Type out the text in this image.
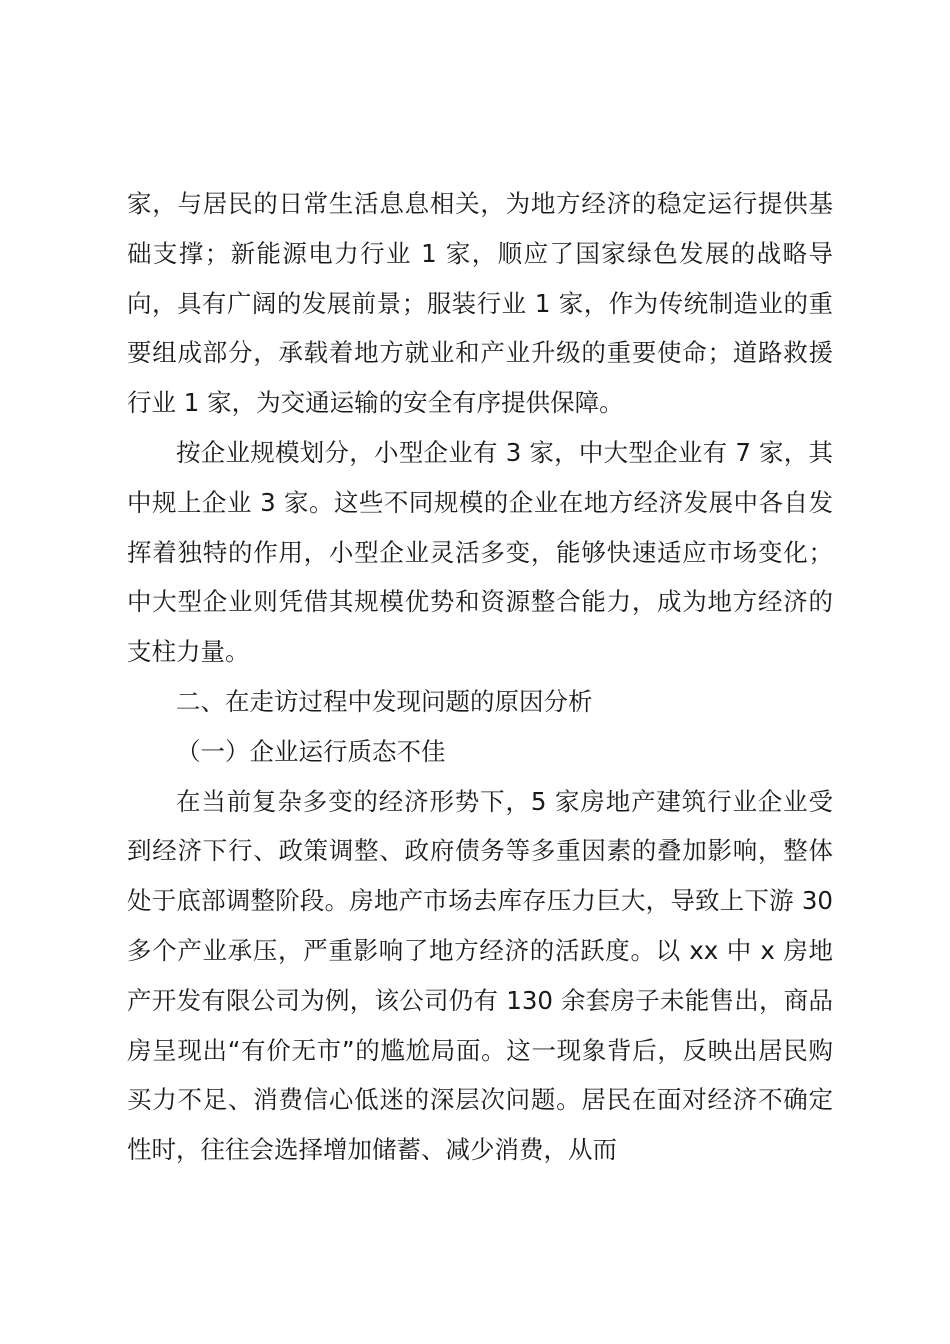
家，与居民的日常生活息息相关，为地方经济的稳定运行提供基础支撑；新能源电力行业 1 家，顺应了国家绿色发展的战略导向，具有广阔的发展前景；服装行业 1 家，作为传统制造业的重要组成部分，承载着地方就业和产业升级的重要使命；道路救援行业 1 家，为交通运输的安全有序提供保障。

按企业规模划分，小型企业有 3 家，中大型企业有 7 家，其中规上企业 3 家。这些不同规模的企业在地方经济发展中各自发挥着独特的作用，小型企业灵活多变，能够快速适应市场变化；中大型企业则凭借其规模优势和资源整合能力，成为地方经济的支柱力量。

二、在走访过程中发现问题的原因分析

（一）企业运行质态不佳

在当前复杂多变的经济形势下，5 家房地产建筑行业企业受到经济下行、政策调整、政府债务等多重因素的叠加影响，整体处于底部调整阶段。房地产市场去库存压力巨大，导致上下游 30 多个产业承压，严重影响了地方经济的活跃度。以 xx 中 x 房地产开发有限公司为例，该公司仍有 130 余套房子未能售出，商品房呈现出“有价无市”的尴尬局面。这一现象背后，反映出居民购买力不足、消费信心低迷的深层次问题。居民在面对经济不确定性时，往往会选择增加储蓄、减少消费，从而
